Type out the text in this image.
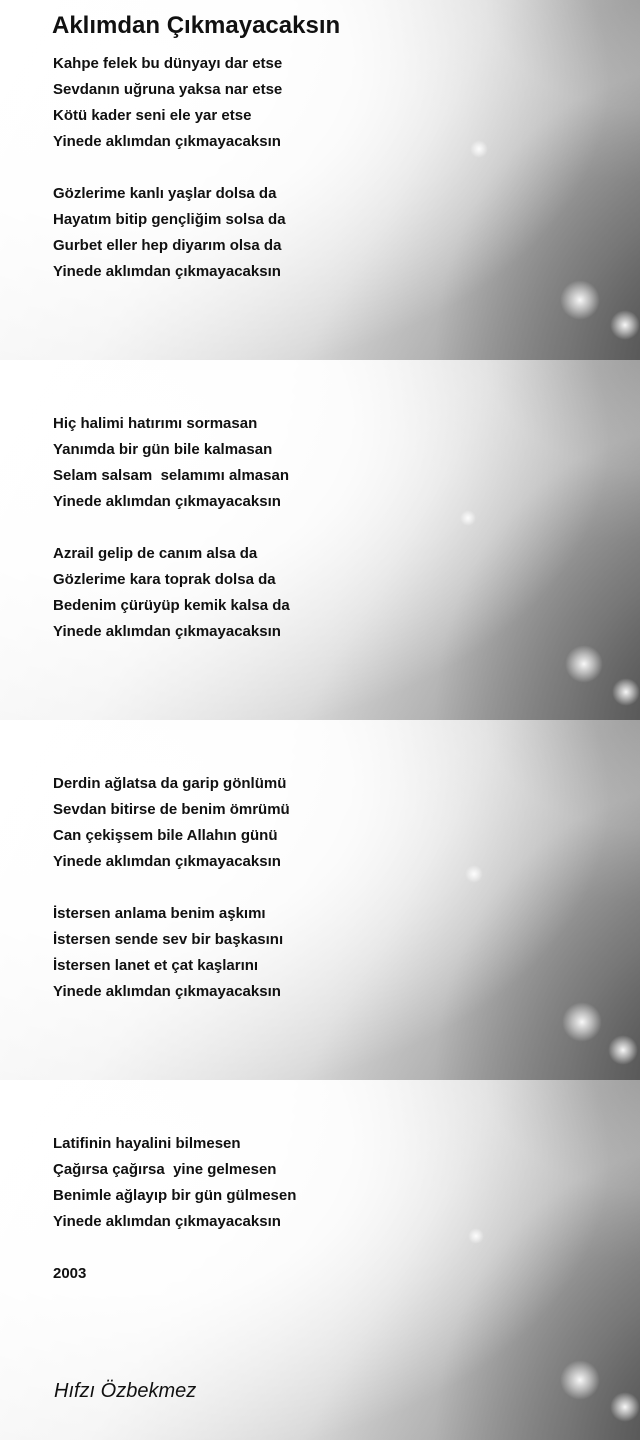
Aklımdan Çıkmayacaksın
Kahpe felek bu dünyayı dar etse
Sevdanın uğruna yaksa nar etse
Kötü kader seni ele yar etse
Yinede aklımdan çıkmayacaksın
Gözlerime kanlı yaşlar dolsa da
Hayatım bitip gençliğim solsa da
Gurbet eller hep diyarım olsa da
Yinede aklımdan çıkmayacaksın
Hiç halimi hatırımı sormasan
Yanımda bir gün bile kalmasan
Selam salsam  selamımı almasan
Yinede aklımdan çıkmayacaksın
Azrail gelip de canım alsa da
Gözlerime kara toprak dolsa da
Bedenim çürüyüp kemik kalsa da
Yinede aklımdan çıkmayacaksın
Derdin ağlatsa da garip gönlümü
Sevdan bitirse de benim ömrümü
Can çekişsem bile Allahın günü
Yinede aklımdan çıkmayacaksın
İstersen anlama benim aşkımı
İstersen sende sev bir başkasını
İstersen lanet et çat kaşlarını
Yinede aklımdan çıkmayacaksın
Latifinin hayalini bilmesen
Çağırsa çağırsa  yine gelmesen
Benimle ağlayıp bir gün gülmesen
Yinede aklımdan çıkmayacaksın
2003
Hıfzı Özbekmez
